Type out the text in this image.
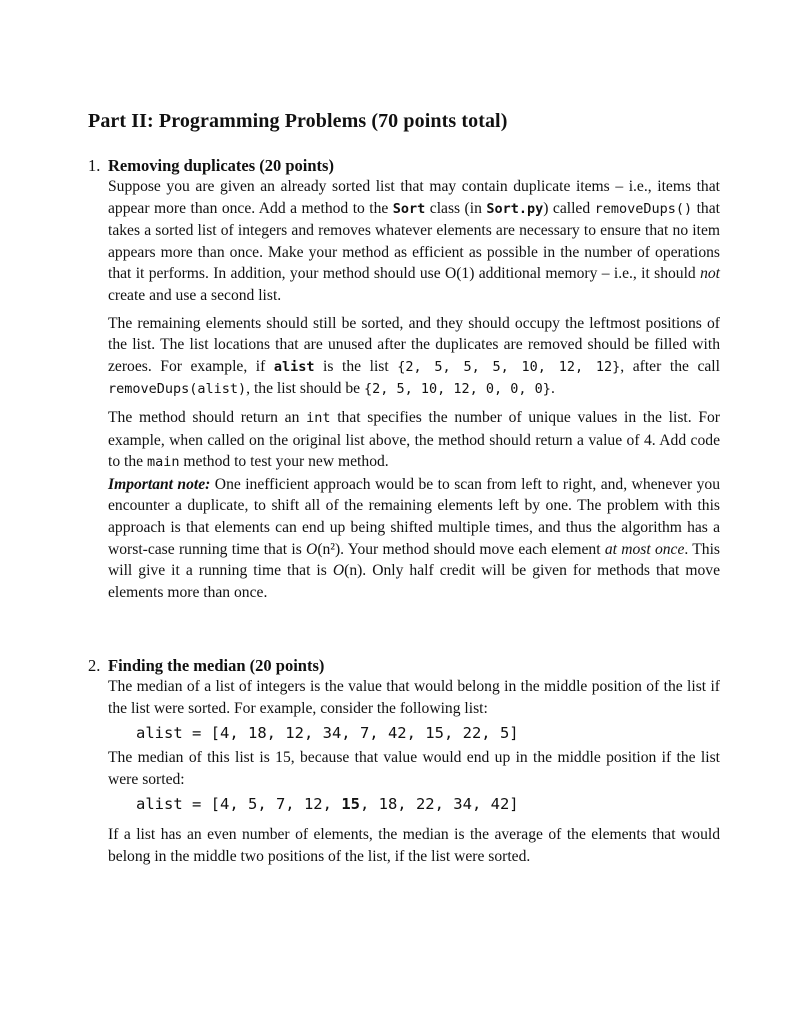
Part II: Programming Problems (70 points total)
1. Removing duplicates (20 points)

Suppose you are given an already sorted list that may contain duplicate items – i.e., items that appear more than once. Add a method to the Sort class (in Sort.py) called removeDups() that takes a sorted list of integers and removes whatever elements are necessary to ensure that no item appears more than once. Make your method as efficient as possible in the number of operations that it performs. In addition, your method should use O(1) additional memory – i.e., it should not create and use a second list.

The remaining elements should still be sorted, and they should occupy the leftmost positions of the list. The list locations that are unused after the duplicates are removed should be filled with zeroes. For example, if alist is the list {2, 5, 5, 5, 10, 12, 12}, after the call removeDups(alist), the list should be {2, 5, 10, 12, 0, 0, 0}.

The method should return an int that specifies the number of unique values in the list. For example, when called on the original list above, the method should return a value of 4. Add code to the main method to test your new method.

Important note: One inefficient approach would be to scan from left to right, and, whenever you encounter a duplicate, to shift all of the remaining elements left by one. The problem with this approach is that elements can end up being shifted multiple times, and thus the algorithm has a worst-case running time that is O(n²). Your method should move each element at most once. This will give it a running time that is O(n). Only half credit will be given for methods that move elements more than once.

2. Finding the median (20 points)

The median of a list of integers is the value that would belong in the middle position of the list if the list were sorted. For example, consider the following list:

alist = [4, 18, 12, 34, 7, 42, 15, 22, 5]

The median of this list is 15, because that value would end up in the middle position if the list were sorted:

alist = [4, 5, 7, 12, 15, 18, 22, 34, 42]

If a list has an even number of elements, the median is the average of the elements that would belong in the middle two positions of the list, if the list were sorted.
